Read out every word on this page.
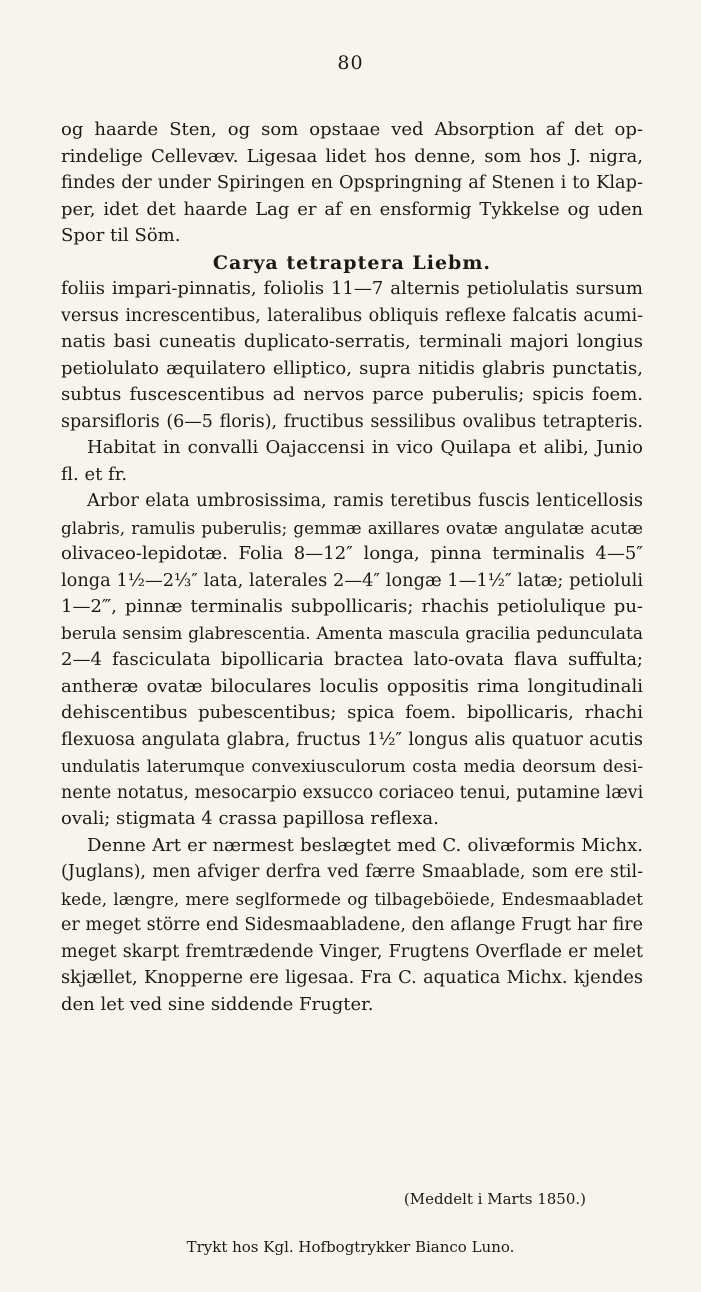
80
og haarde Sten, og som opstaae ved Absorption af det op-
rindelige Cellevæv. Ligesaa lidet hos denne, som hos J. nigra,
findes der under Spiringen en Opspringning af Stenen i to Klap-
per, idet det haarde Lag er af en ensformig Tykkelse og uden
Spor til Söm.
Carya tetraptera Liebm.
foliis impari-pinnatis, foliolis 11—7 alternis petiolulatis sursum
versus increscentibus, lateralibus obliquis reflexe falcatis acumi-
natis basi cuneatis duplicato-serratis, terminali majori longius
petiolulato æquilatero elliptico, supra nitidis glabris punctatis,
subtus fuscescentibus ad nervos parce puberulis; spicis foem.
sparsifloris (6—5 floris), fructibus sessilibus ovalibus tetrapteris.
Habitat in convalli Oajaccensi in vico Quilapa et alibi, Junio
fl. et fr.
Arbor elata umbrosissima, ramis teretibus fuscis lenticellosis
glabris, ramulis puberulis; gemmæ axillares ovatæ angulatæ acutæ
olivaceo-lepidotæ. Folia 8—12″ longa, pinna terminalis 4—5″
longa 1½—2⅓″ lata, laterales 2—4″ longæ 1—1½″ latæ; petioluli
1—2‴, pinnæ terminalis subpollicaris; rhachis petiolulique pu-
berula sensim glabrescentia. Amenta mascula gracilia pedunculata
2—4 fasciculata bipollicaria bractea lato-ovata flava suffulta;
antheræ ovatæ biloculares loculis oppositis rima longitudinali
dehiscentibus pubescentibus; spica foem. bipollicaris, rhachi
flexuosa angulata glabra, fructus 1½″ longus alis quatuor acutis
undulatis laterumque convexiusculorum costa media deorsum desi-
nente notatus, mesocarpio exsucco coriaceo tenui, putamine lævi
ovali; stigmata 4 crassa papillosa reflexa.
Denne Art er nærmest beslægtet med C. olivæformis Michx.
(Juglans), men afviger derfra ved færre Smaablade, som ere stil-
kede, længre, mere seglformede og tilbageböiede, Endesmaabladet
er meget större end Sidesmaabladene, den aflange Frugt har fire
meget skarpt fremtrædende Vinger, Frugtens Overflade er melet
skjællet, Knopperne ere ligesaa. Fra C. aquatica Michx. kjendes
den let ved sine siddende Frugter.
(Meddelt i Marts 1850.)
Trykt hos Kgl. Hofbogtrykker Bianco Luno.
